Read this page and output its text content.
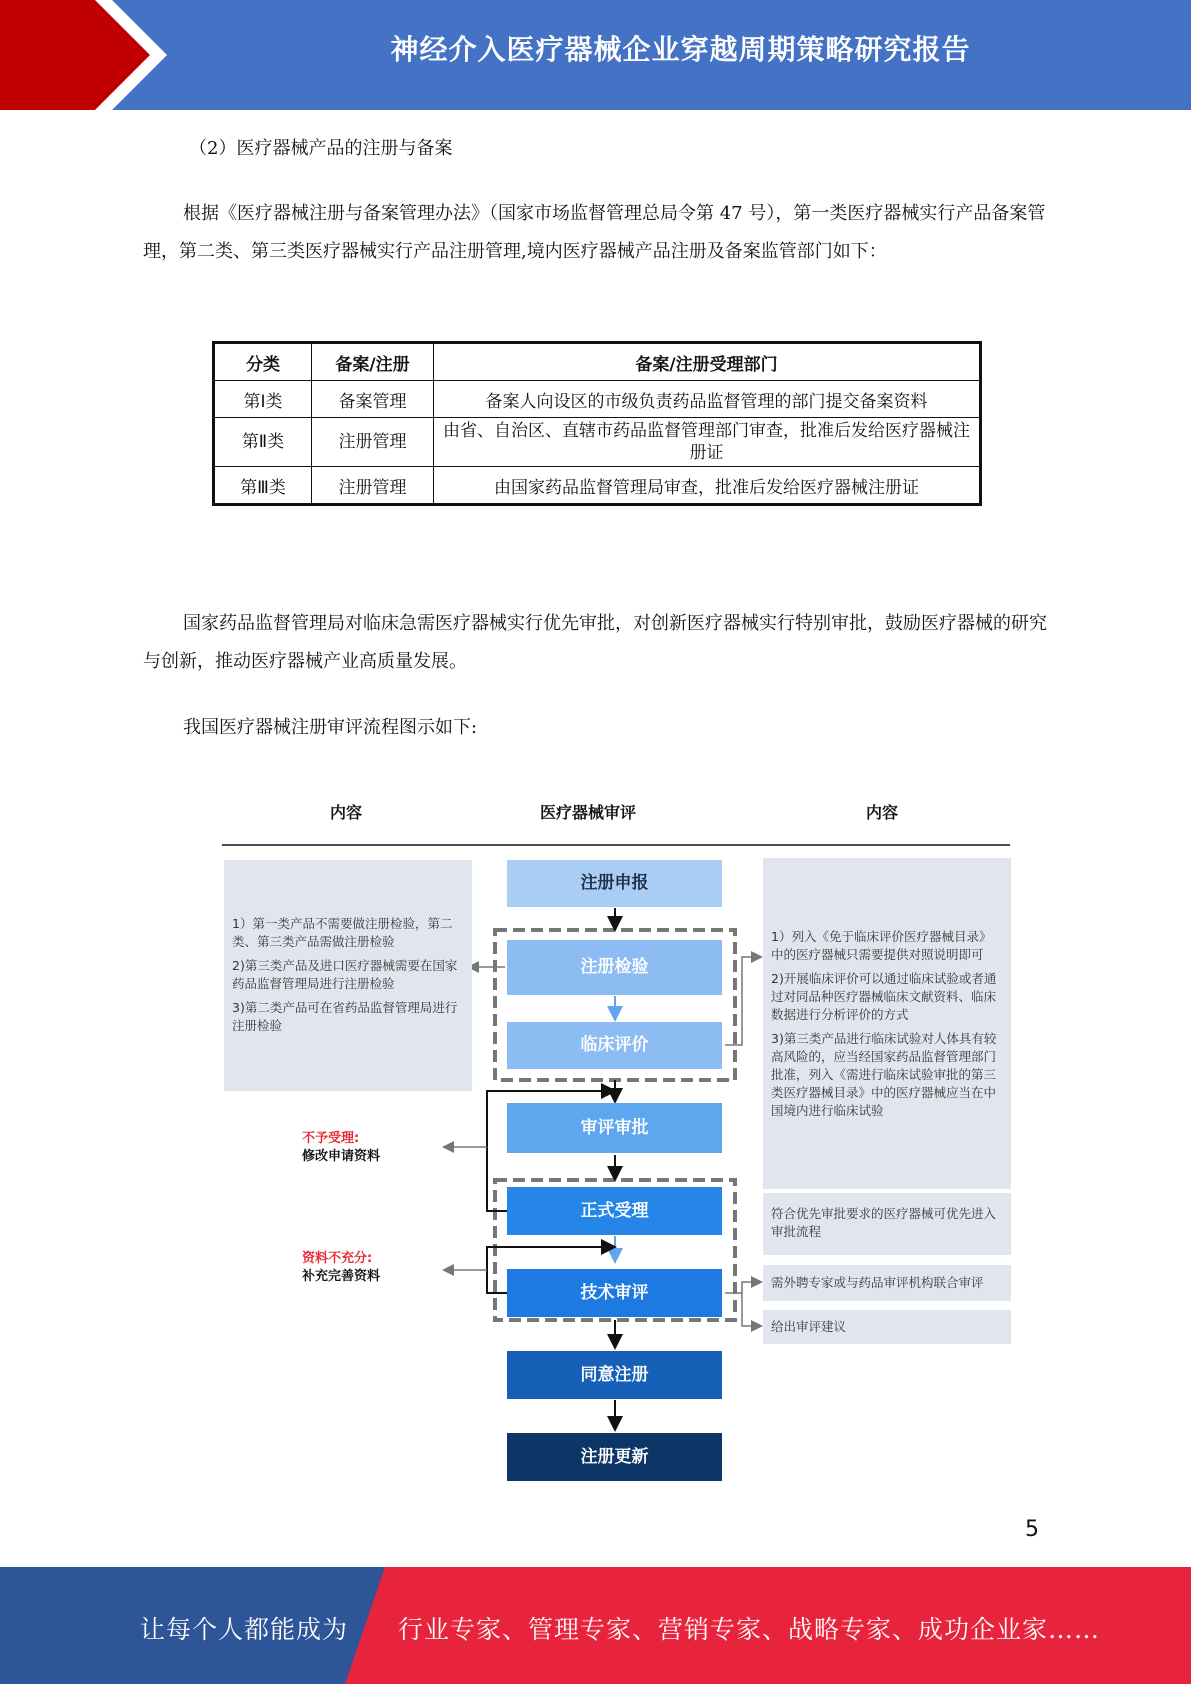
神经介入医疗器械企业穿越周期策略研究报告
（2）医疗器械产品的注册与备案

根据《医疗器械注册与备案管理办法》（国家市场监督管理总局令第 47 号），第一类医疗器械实行产品备案管理，第二类、第三类医疗器械实行产品注册管理,境内医疗器械产品注册及备案监管部门如下：

分类	备案/注册	备案/注册受理部门
第Ⅰ类	备案管理	备案人向设区的市级负责药品监督管理的部门提交备案资料
第Ⅱ类	注册管理	由省、自治区、直辖市药品监督管理部门审查，批准后发给医疗器械注册证
第Ⅲ类	注册管理	由国家药品监督管理局审查，批准后发给医疗器械注册证

国家药品监督管理局对临床急需医疗器械实行优先审批，对创新医疗器械实行特别审批，鼓励医疗器械的研究与创新，推动医疗器械产业高质量发展。

我国医疗器械注册审评流程图示如下:

内容	医疗器械审评	内容
注册申报
注册检验
临床评价
审评审批
正式受理
技术审评
同意注册
注册更新

1）第一类产品不需要做注册检验，第二类、第三类产品需做注册检验

2)第三类产品及进口医疗器械需要在国家药品监督管理局进行注册检验

3)第二类产品可在省药品监督管理局进行注册检验

1）列入《免于临床评价医疗器械目录》中的医疗器械只需要提供对照说明即可

2)开展临床评价可以通过临床试验或者通过对同品种医疗器械临床文献资料、临床数据进行分析评价的方式

3)第三类产品进行临床试验对人体具有较高风险的，应当经国家药品监督管理部门批准，列入《需进行临床试验审批的第三类医疗器械目录》中的医疗器械应当在中国境内进行临床试验

符合优先审批要求的医疗器械可优先进入审批流程
需外聘专家或与药品审评机构联合审评
给出审评建议
不予受理:
修改申请资料
资料不充分:
补充完善资料
5
让每个人都能成为 行业专家、管理专家、营销专家、战略专家、成功企业家……
